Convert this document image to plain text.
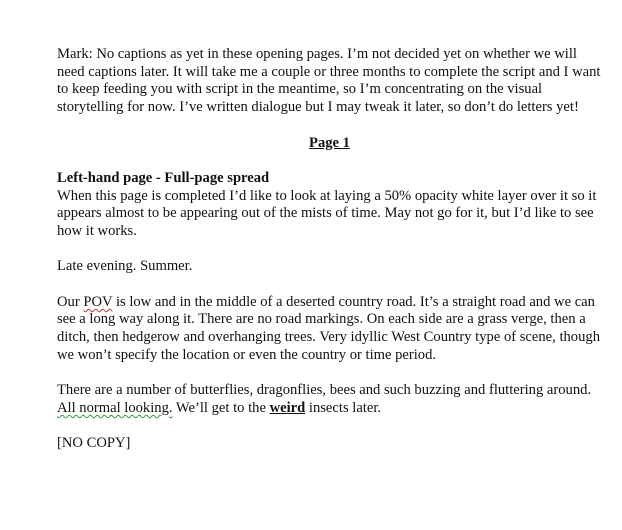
Mark: No captions as yet in these opening pages. I’m not decided yet on whether we will need captions later. It will take me a couple or three months to complete the script and I want to keep feeding you with script in the meantime, so I’m concentrating on the visual storytelling for now. I’ve written dialogue but I may tweak it later, so don’t do letters yet!

Page 1

Left-hand page - Full-page spread
When this page is completed I’d like to look at laying a 50% opacity white layer over it so it appears almost to be appearing out of the mists of time. May not go for it, but I’d like to see how it works.

Late evening. Summer.

Our POV is low and in the middle of a deserted country road. It’s a straight road and we can see a long way along it. There are no road markings. On each side are a grass verge, then a ditch, then hedgerow and overhanging trees. Very idyllic West Country type of scene, though we won’t specify the location or even the country or time period.

There are a number of butterflies, dragonflies, bees and such buzzing and fluttering around. All normal looking. We’ll get to the weird insects later.

[NO COPY]
